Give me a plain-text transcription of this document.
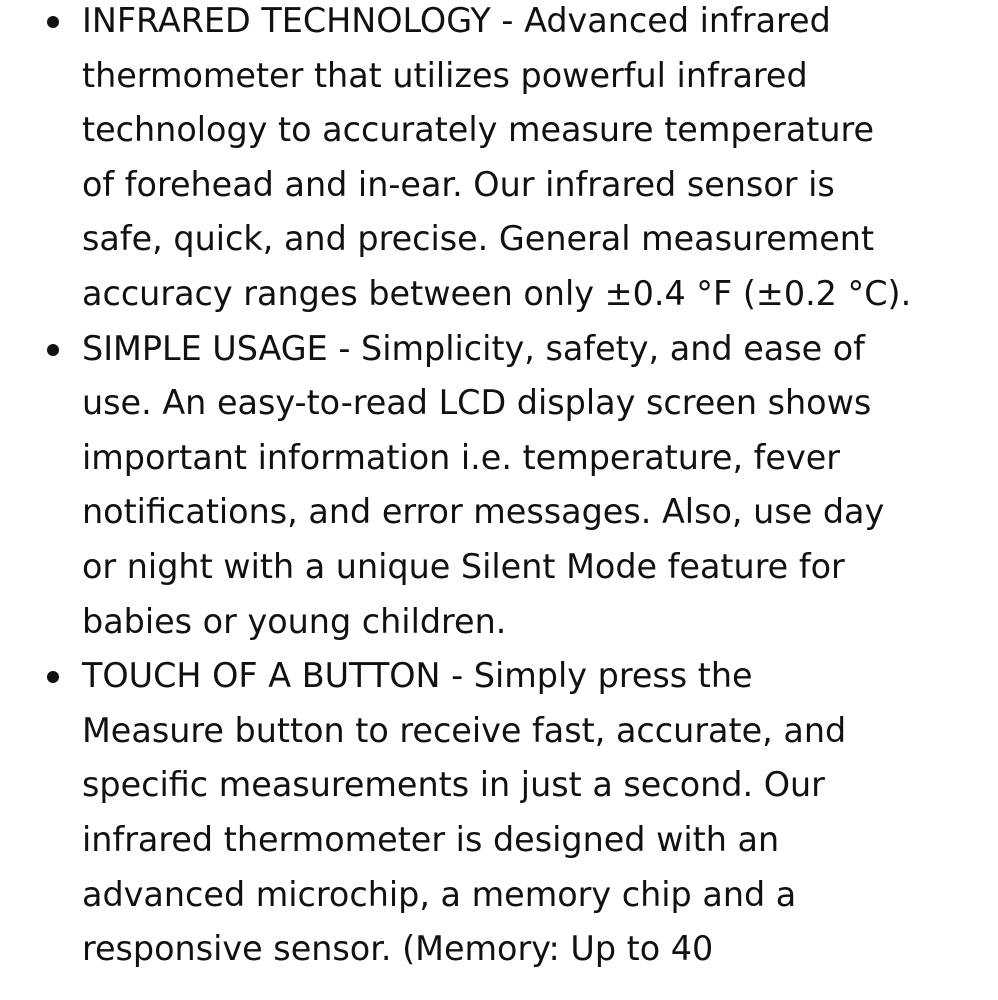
INFRARED TECHNOLOGY - Advanced infrared
thermometer that utilizes powerful infrared
technology to accurately measure temperature
of forehead and in-ear. Our infrared sensor is
safe, quick, and precise. General measurement
accuracy ranges between only ±0.4 °F (±0.2 °C).
SIMPLE USAGE - Simplicity, safety, and ease of
use. An easy-to-read LCD display screen shows
important information i.e. temperature, fever
notifications, and error messages. Also, use day
or night with a unique Silent Mode feature for
babies or young children.
TOUCH OF A BUTTON - Simply press the
Measure button to receive fast, accurate, and
specific measurements in just a second. Our
infrared thermometer is designed with an
advanced microchip, a memory chip and a
responsive sensor. (Memory: Up to 40
